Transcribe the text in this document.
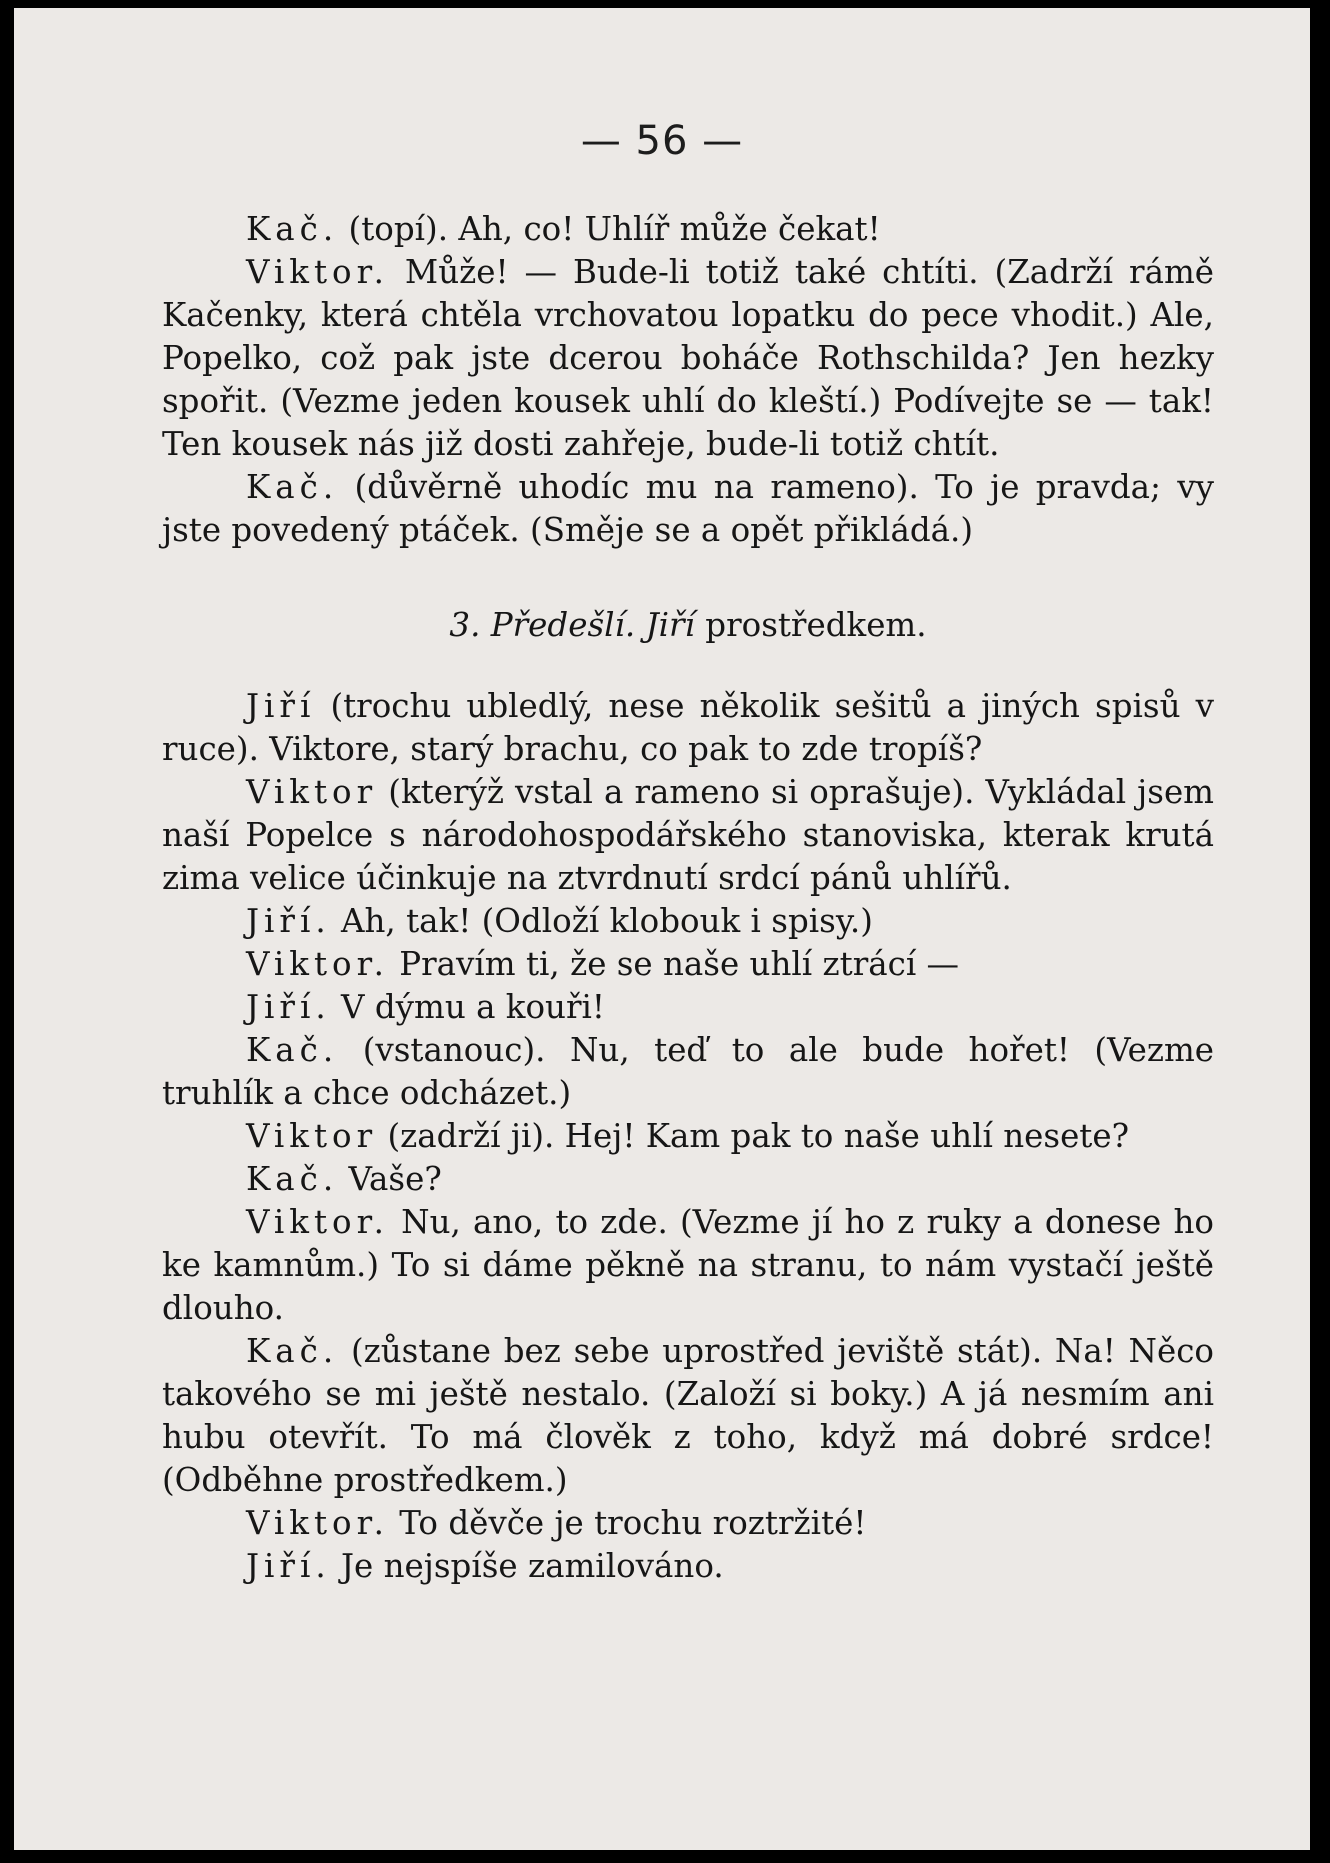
— 56 —

Kač. (topí). Ah, co! Uhlíř může čekat!

Viktor. Může! — Bude-li totiž také chtíti. (Zadrží rámě Kačenky, která chtěla vrchovatou lopatku do pece vhodit.) Ale, Popelko, což pak jste dcerou boháče Rothschilda? Jen hezky spořit. (Vezme jeden kousek uhlí do kleští.) Podívejte se — tak! Ten kousek nás již dosti zahřeje, bude-li totiž chtít.

Kač. (důvěrně uhodíc mu na rameno). To je pravda; vy jste povedený ptáček. (Směje se a opět přikládá.)

3. Předešlí. Jiří prostředkem.

Jiří (trochu ubledlý, nese několik sešitů a jiných spisů v ruce). Viktore, starý brachu, co pak to zde tropíš?

Viktor (kterýž vstal a rameno si oprašuje). Vykládal jsem naší Popelce s národohospodářského stanoviska, kterak krutá zima velice účinkuje na ztvrdnutí srdcí pánů uhlířů.

Jiří. Ah, tak! (Odloží klobouk i spisy.)

Viktor. Pravím ti, že se naše uhlí ztrácí —

Jiří. V dýmu a kouři!

Kač. (vstanouc). Nu, teď to ale bude hořet! (Vezme truhlík a chce odcházet.)

Viktor (zadrží ji). Hej! Kam pak to naše uhlí nesete?

Kač. Vaše?

Viktor. Nu, ano, to zde. (Vezme jí ho z ruky a donese ho ke kamnům.) To si dáme pěkně na stranu, to nám vystačí ještě dlouho.

Kač. (zůstane bez sebe uprostřed jeviště stát). Na! Něco takového se mi ještě nestalo. (Založí si boky.) A já nesmím ani hubu otevřít. To má člověk z toho, když má dobré srdce! (Odběhne prostředkem.)

Viktor. To děvče je trochu roztržité!

Jiří. Je nejspíše zamilováno.
